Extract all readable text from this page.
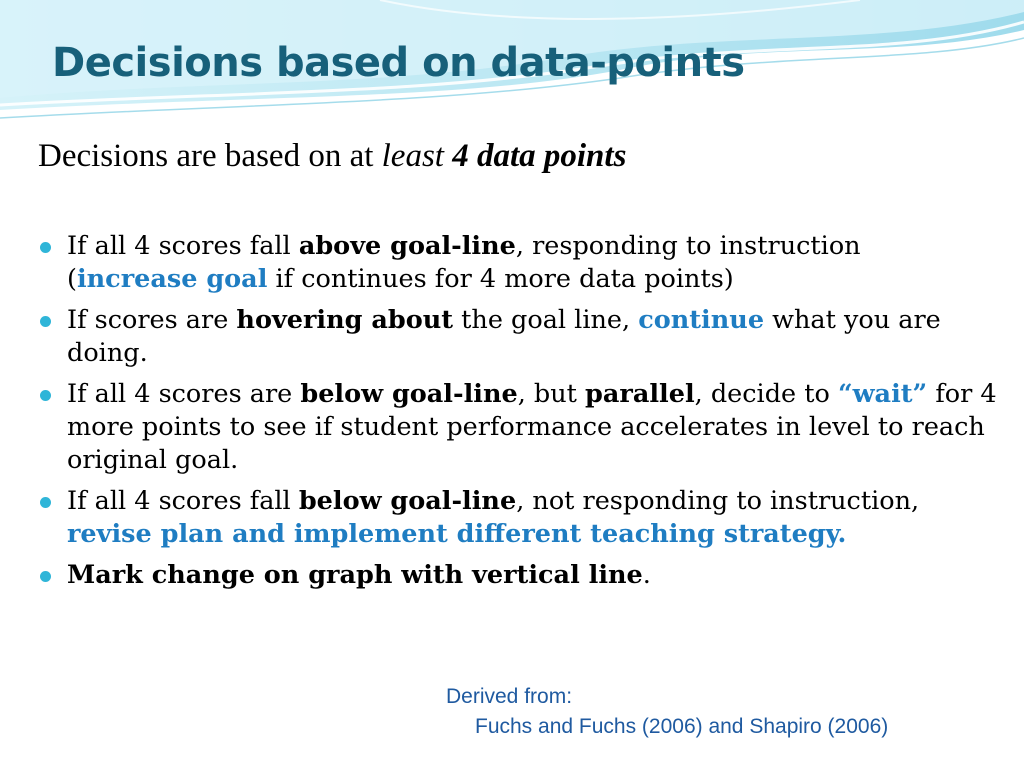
Decisions based on data-points
Decisions are based on at least 4 data points
If all 4 scores fall above goal-line, responding to instruction (increase goal if continues for 4 more data points)
If scores are hovering about the goal line, continue what you are doing.
If all 4 scores are below goal-line, but parallel, decide to “wait” for 4 more points to see if student performance accelerates in level to reach original goal.
If all 4 scores fall below goal-line, not responding to instruction, revise plan and implement different teaching strategy.
Mark change on graph with vertical line.
Derived from:
Fuchs and Fuchs (2006) and Shapiro (2006)
